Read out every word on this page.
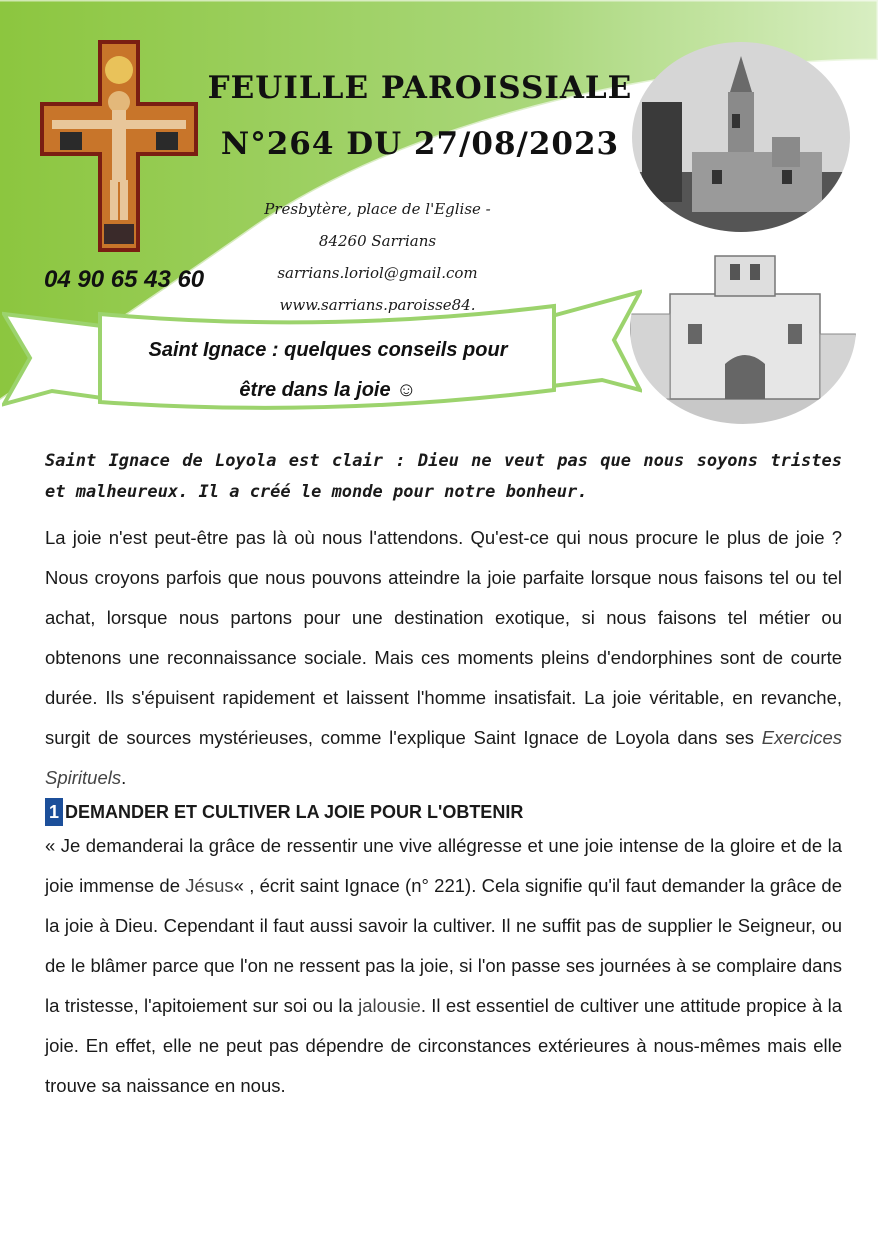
FEUILLE PAROISSIALE
N°264 DU 27/08/2023
Presbytère, place de l'Eglise -
84260 Sarrians
sarrians.loriol@gmail.com
www.sarrians.paroisse84.
04 90 65 43 60
Saint Ignace : quelques conseils pour
être dans la joie ☺

Saint Ignace de Loyola est clair : Dieu ne veut pas que nous soyons tristes et malheureux. Il a créé le monde pour notre bonheur.

La joie n'est peut-être pas là où nous l'attendons. Qu'est-ce qui nous procure le plus de joie ? Nous croyons parfois que nous pouvons atteindre la joie parfaite lorsque nous faisons tel ou tel achat, lorsque nous partons pour une destination exotique, si nous faisons tel métier ou obtenons une reconnaissance sociale. Mais ces moments pleins d'endorphines sont de courte durée. Ils s'épuisent rapidement et laissent l'homme insatisfait. La joie véritable, en revanche, surgit de sources mystérieuses, comme l'explique Saint Ignace de Loyola dans ses Exercices Spirituels.

1 DEMANDER ET CULTIVER LA JOIE POUR L'OBTENIR

« Je demanderai la grâce de ressentir une vive allégresse et une joie intense de la gloire et de la joie immense de Jésus« , écrit saint Ignace (n° 221). Cela signifie qu'il faut demander la grâce de la joie à Dieu. Cependant il faut aussi savoir la cultiver. Il ne suffit pas de supplier le Seigneur, ou de le blâmer parce que l'on ne ressent pas la joie, si l'on passe ses journées à se complaire dans la tristesse, l'apitoiement sur soi ou la jalousie. Il est essentiel de cultiver une attitude propice à la joie. En effet, elle ne peut pas dépendre de circonstances extérieures à nous-mêmes mais elle trouve sa naissance en nous.
